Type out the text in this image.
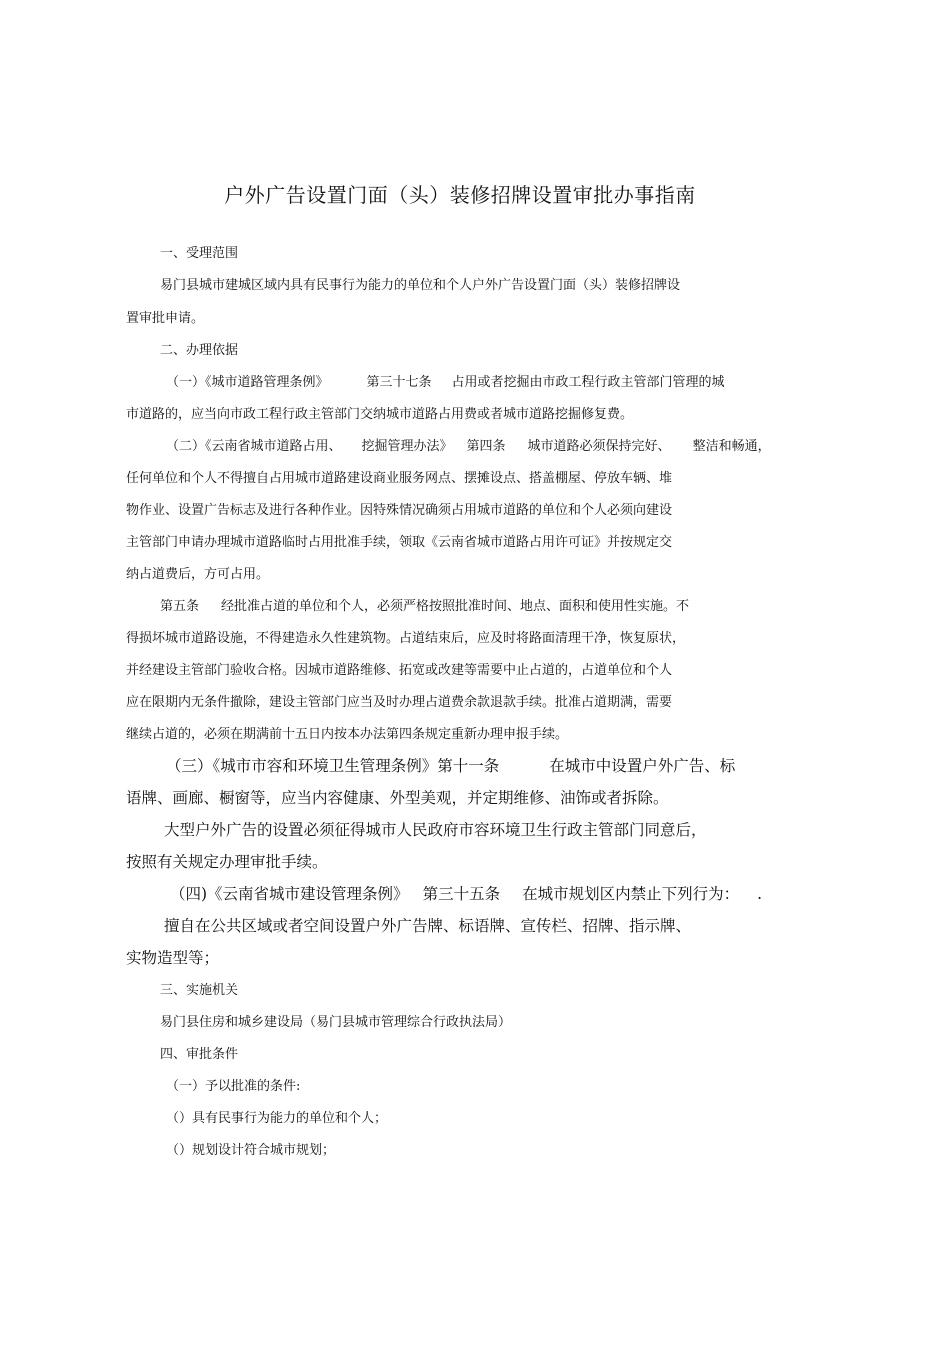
户外广告设置门面（头）装修招牌设置审批办事指南
一、受理范围
易门县城市建城区域内具有民事行为能力的单位和个人户外广告设置门面（头）装修招牌设
置审批申请。
二、办理依据
（一）《城市道路管理条例》	第三十七条 占用或者挖掘由市政工程行政主管部门管理的城
市道路的，应当向市政工程行政主管部门交纳城市道路占用费或者城市道路挖掘修复费。
（二）《云南省城市道路占用、 挖掘管理办法》 第四条 城市道路必须保持完好、 整洁和畅通，
任何单位和个人不得擅自占用城市道路建设商业服务网点、摆摊设点、搭盖棚屋、停放车辆、堆
物作业、设置广告标志及进行各种作业。因特殊情况确须占用城市道路的单位和个人必须向建设
主管部门申请办理城市道路临时占用批准手续，领取《云南省城市道路占用许可证》并按规定交
纳占道费后，方可占用。
第五条 经批准占道的单位和个人，必须严格按照批准时间、地点、面积和使用性实施。不
得损坏城市道路设施，不得建造永久性建筑物。占道结束后，应及时将路面清理干净，恢复原状，
并经建设主管部门验收合格。因城市道路维修、拓宽或改建等需要中止占道的，占道单位和个人
应在限期内无条件撤除，建设主管部门应当及时办理占道费余款退款手续。批准占道期满，需要
继续占道的，必须在期满前十五日内按本办法第四条规定重新办理申报手续。
（三）《城市市容和环境卫生管理条例》第十一条	在城市中设置户外广告、标
语牌、画廊、橱窗等，应当内容健康、外型美观，并定期维修、油饰或者拆除。
大型户外广告的设置必须征得城市人民政府市容环境卫生行政主管部门同意后，
按照有关规定办理审批手续。
（四)《云南省城市建设管理条例》 第三十五条 在城市规划区内禁止下列行为： .
擅自在公共区域或者空间设置户外广告牌、标语牌、宣传栏、招牌、指示牌、
实物造型等；
三、实施机关
易门县住房和城乡建设局（易门县城市管理综合行政执法局）
四、审批条件
（一）予以批准的条件:
（）具有民事行为能力的单位和个人；
（）规划设计符合城市规划；
